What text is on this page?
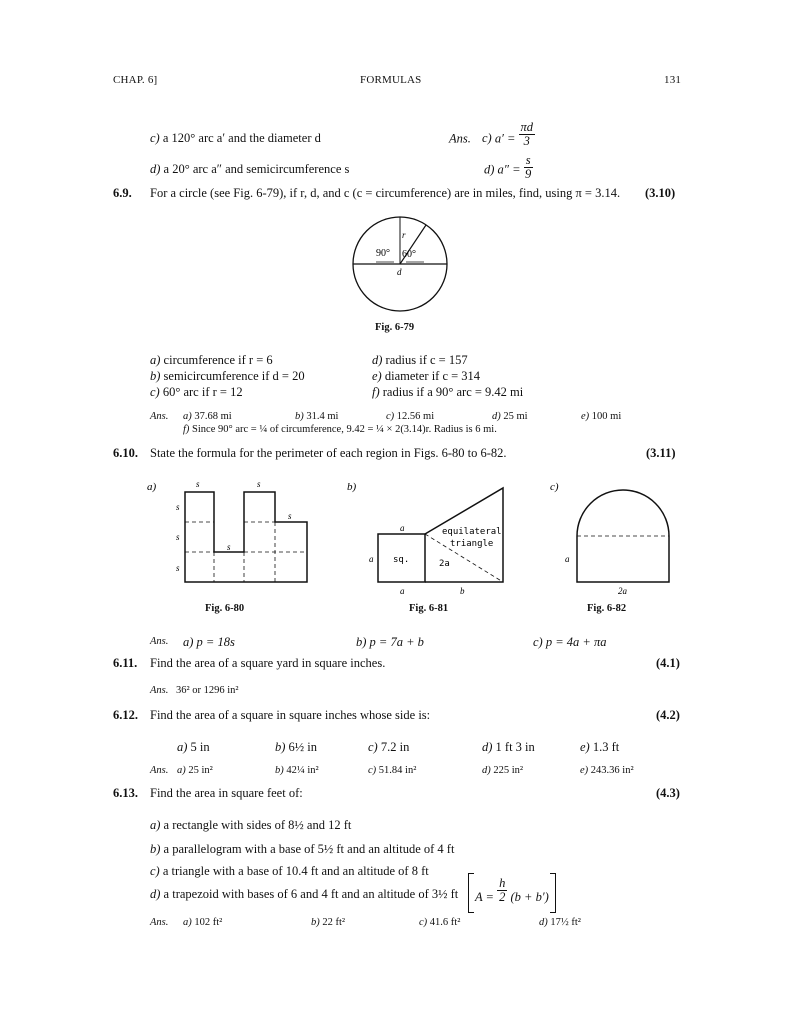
CHAP. 6]	FORMULAS	131
c) a 120° arc a′ and the diameter d	Ans. c) $a' = \frac{\pi d}{3}$
d) a 20° arc a″ and semicircumference s	d) $a'' = \frac{s}{9}$
6.9. For a circle (see Fig. 6-79), if r, d, and c (c = circumference) are in miles, find, using π = 3.14. (3.10)
90° 60°
r
d
Fig. 6-79
a) circumference if r = 6
b) semicircumference if d = 20
c) 60° arc if r = 12
d) radius if c = 157
e) diameter if c = 314
f) radius if a 90° arc = 9.42 mi
Ans. a) 37.68 mi	b) 31.4 mi	c) 12.56 mi	d) 25 mi	e) 100 mi
f) Since 90° arc = ¼ of circumference, 9.42 = ¼ × 2(3.14)r. Radius is 6 mi.
6.10. State the formula for the perimeter of each region in Figs. 6-80 to 6-82.	(3.11)
a)	s	s
s
s
s
s
s
Fig. 6-80
b)
sq.
equilateral
triangle
a
a
a	b
2a
Fig. 6-81
c)
a
2a
Fig. 6-82
Ans. a) p = 18s	b) p = 7a + b	c) p = 4a + πa
6.11. Find the area of a square yard in square inches.	(4.1)
Ans. 36² or 1296 in²
6.12. Find the area of a square in square inches whose side is:	(4.2)
a) 5 in	b) 6½ in	c) 7.2 in	d) 1 ft 3 in	e) 1.3 ft
Ans. a) 25 in²	b) 42¼ in²	c) 51.84 in²	d) 225 in²	e) 243.36 in²
6.13. Find the area in square feet of:	(4.3)
a) a rectangle with sides of 8½ and 12 ft
b) a parallelogram with a base of 5½ ft and an altitude of 4 ft
c) a triangle with a base of 10.4 ft and an altitude of 8 ft
d) a trapezoid with bases of 6 and 4 ft and an altitude of 3½ ft	$A = \frac{h}{2} (b + b')$
Ans. a) 102 ft²	b) 22 ft²	c) 41.6 ft²	d) 17½ ft²
